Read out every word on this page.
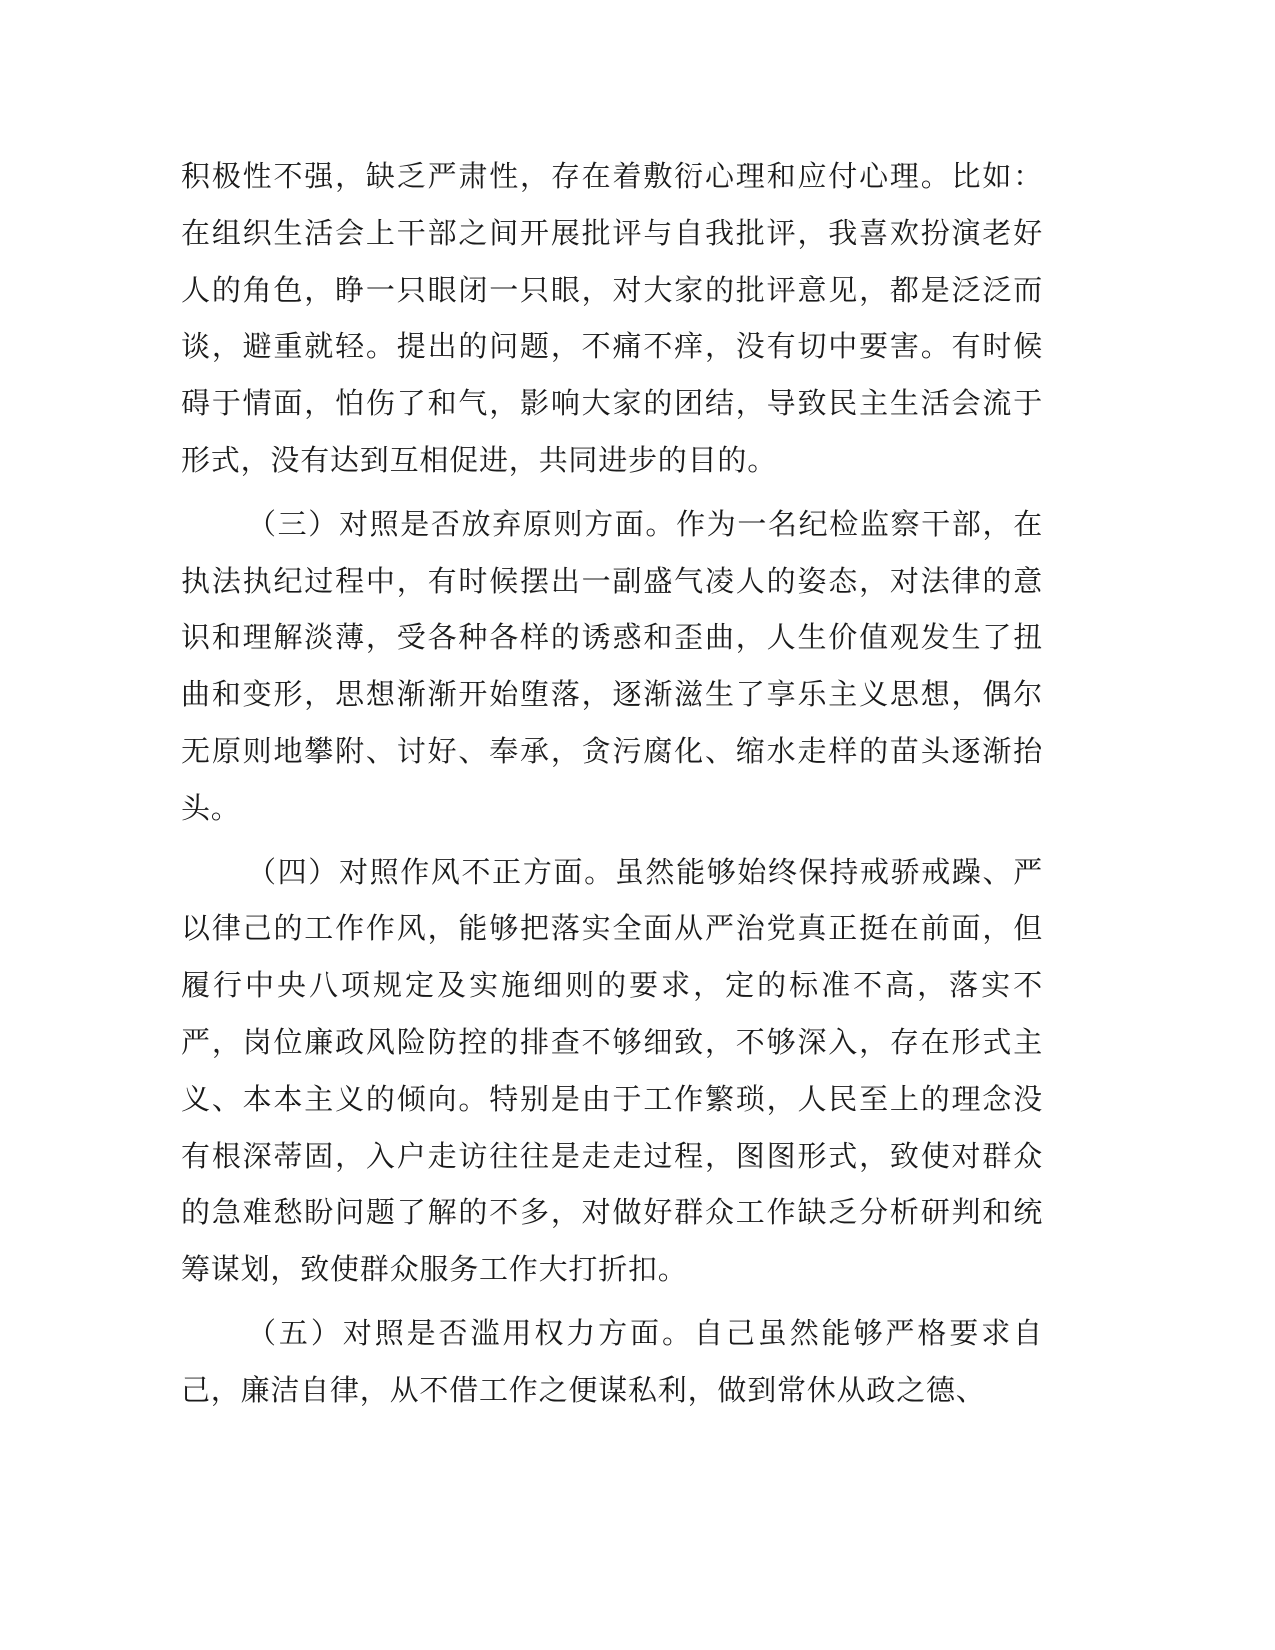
积极性不强，缺乏严肃性，存在着敷衍心理和应付心理。比如：在组织生活会上干部之间开展批评与自我批评，我喜欢扮演老好人的角色，睁一只眼闭一只眼，对大家的批评意见，都是泛泛而谈，避重就轻。提出的问题，不痛不痒，没有切中要害。有时候碍于情面，怕伤了和气，影响大家的团结，导致民主生活会流于形式，没有达到互相促进，共同进步的目的。

（三）对照是否放弃原则方面。作为一名纪检监察干部，在执法执纪过程中，有时候摆出一副盛气凌人的姿态，对法律的意识和理解淡薄，受各种各样的诱惑和歪曲，人生价值观发生了扭曲和变形，思想渐渐开始堕落，逐渐滋生了享乐主义思想，偶尔无原则地攀附、讨好、奉承，贪污腐化、缩水走样的苗头逐渐抬头。

（四）对照作风不正方面。虽然能够始终保持戒骄戒躁、严以律己的工作作风，能够把落实全面从严治党真正挺在前面，但履行中央八项规定及实施细则的要求，定的标准不高，落实不严，岗位廉政风险防控的排查不够细致，不够深入，存在形式主义、本本主义的倾向。特别是由于工作繁琐，人民至上的理念没有根深蒂固，入户走访往往是走走过程，图图形式，致使对群众的急难愁盼问题了解的不多，对做好群众工作缺乏分析研判和统筹谋划，致使群众服务工作大打折扣。

（五）对照是否滥用权力方面。自己虽然能够严格要求自己，廉洁自律，从不借工作之便谋私利，做到常休从政之德、
